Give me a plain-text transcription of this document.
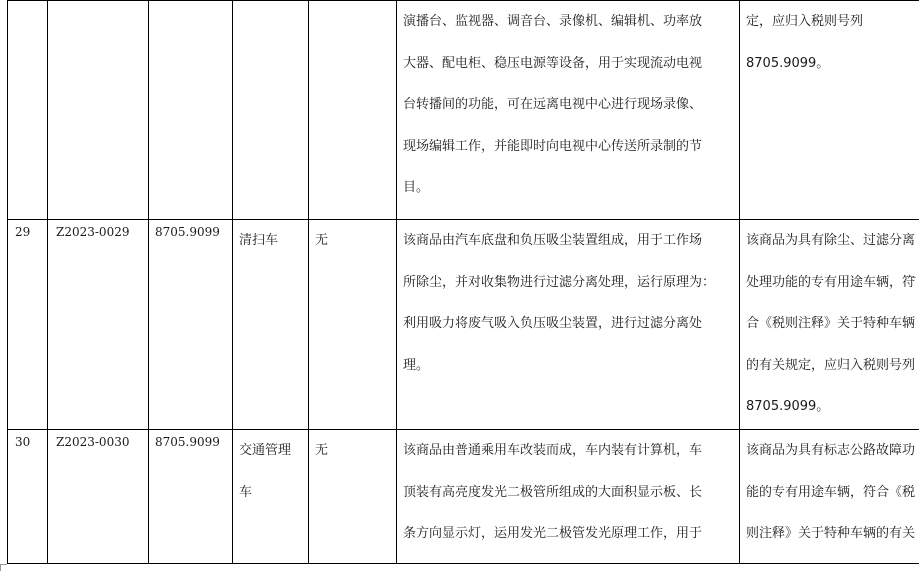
					演播台、监视器、调音台、录像机、编辑机、功率放
大器、配电柜、稳压电源等设备，用于实现流动电视
台转播间的功能，可在远离电视中心进行现场录像、
现场编辑工作，并能即时向电视中心传送所录制的节
目。	定，应归入税则号列
8705.9099。

29	Z2023-0029	8705.9099	清扫车	无	该商品由汽车底盘和负压吸尘装置组成，用于工作场
所除尘，并对收集物进行过滤分离处理，运行原理为：
利用吸力将废气吸入负压吸尘装置，进行过滤分离处
理。	该商品为具有除尘、过滤分离
处理功能的专有用途车辆，符
合《税则注释》关于特种车辆
的有关规定，应归入税则号列
8705.9099。

30	Z2023-0030	8705.9099	交通管理
车	无	该商品由普通乘用车改装而成，车内装有计算机，车
顶装有高亮度发光二极管所组成的大面积显示板、长
条方向显示灯，运用发光二极管发光原理工作，用于	该商品为具有标志公路故障功
能的专有用途车辆，符合《税
则注释》关于特种车辆的有关
